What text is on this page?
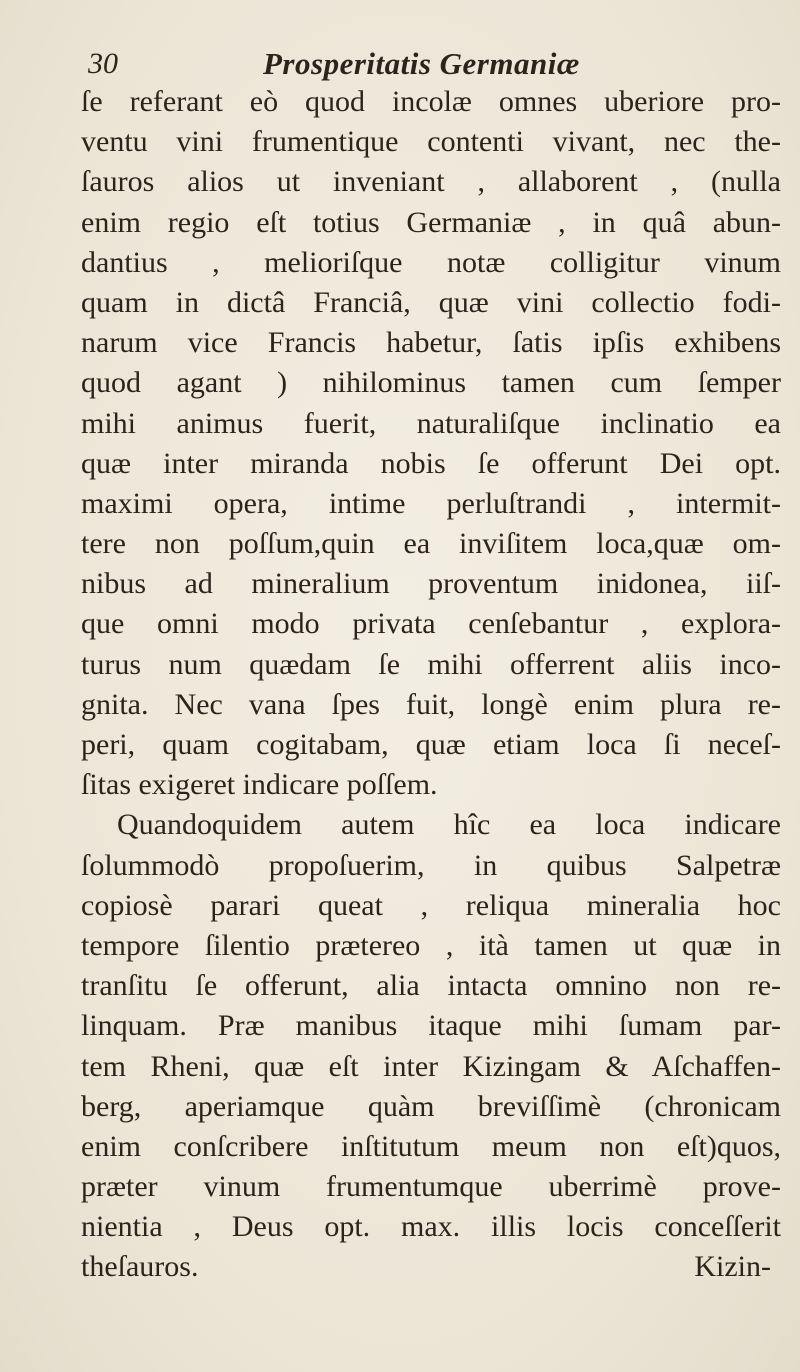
30	Prosperitatis Germaniæ
ſe referant eò quod incolæ omnes uberiore pro-
ventu vini frumentique contenti vivant, nec the-
ſauros alios ut inveniant , allaborent , (nulla
enim regio eſt totius Germaniæ , in quâ abun-
dantius , melioriſque notæ colligitur vinum
quam in dictâ Franciâ, quæ vini collectio fodi-
narum vice Francis habetur, ſatis ipſis exhibens
quod agant ) nihilominus tamen cum ſemper
mihi animus fuerit, naturaliſque inclinatio ea
quæ inter miranda nobis ſe offerunt Dei opt.
maximi opera, intime perluſtrandi , intermit-
tere non poſſum,quin ea inviſitem loca,quæ om-
nibus ad mineralium proventum inidonea, iiſ-
que omni modo privata cenſebantur , explora-
turus num quædam ſe mihi offerrent aliis inco-
gnita. Nec vana ſpes fuit, longè enim plura re-
peri, quam cogitabam, quæ etiam loca ſi neceſ-
ſitas exigeret indicare poſſem.
Quandoquidem autem hîc ea loca indicare
ſolummodò propoſuerim, in quibus Salpetræ
copiosè parari queat , reliqua mineralia hoc
tempore ſilentio prætereo , ità tamen ut quæ in
tranſitu ſe offerunt, alia intacta omnino non re-
linquam. Præ manibus itaque mihi ſumam par-
tem Rheni, quæ eſt inter Kizingam & Aſchaffen-
berg, aperiamque quàm breviſſimè (chronicam
enim conſcribere inſtitutum meum non eſt)quos,
præter vinum frumentumque uberrimè prove-
nientia , Deus opt. max. illis locis conceſſerit
theſauros.	Kizin-
